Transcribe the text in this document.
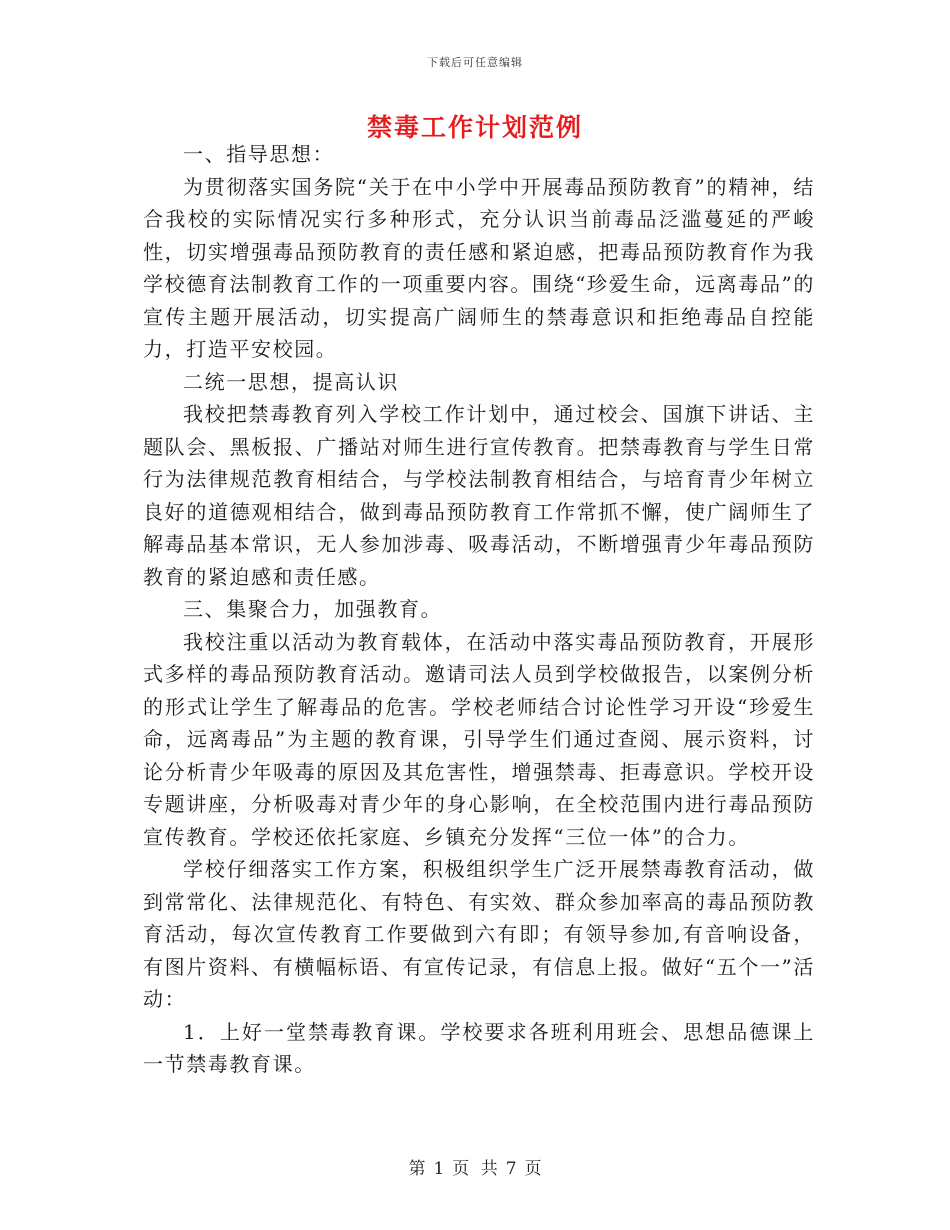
下载后可任意编辑
禁毒工作计划范例

一、指导思想：

为贯彻落实国务院“关于在中小学中开展毒品预防教育”的精神，结合我校的实际情况实行多种形式，充分认识当前毒品泛滥蔓延的严峻性，切实增强毒品预防教育的责任感和紧迫感，把毒品预防教育作为我学校德育法制教育工作的一项重要内容。围绕“珍爱生命，远离毒品”的宣传主题开展活动，切实提高广阔师生的禁毒意识和拒绝毒品自控能力，打造平安校园。

二统一思想，提高认识

我校把禁毒教育列入学校工作计划中，通过校会、国旗下讲话、主题队会、黑板报、广播站对师生进行宣传教育。把禁毒教育与学生日常行为法律规范教育相结合，与学校法制教育相结合，与培育青少年树立良好的道德观相结合，做到毒品预防教育工作常抓不懈，使广阔师生了解毒品基本常识，无人参加涉毒、吸毒活动，不断增强青少年毒品预防教育的紧迫感和责任感。

三、集聚合力，加强教育。

我校注重以活动为教育载体，在活动中落实毒品预防教育，开展形式多样的毒品预防教育活动。邀请司法人员到学校做报告，以案例分析的形式让学生了解毒品的危害。学校老师结合讨论性学习开设“珍爱生命，远离毒品”为主题的教育课，引导学生们通过查阅、展示资料，讨论分析青少年吸毒的原因及其危害性，增强禁毒、拒毒意识。学校开设专题讲座，分析吸毒对青少年的身心影响，在全校范围内进行毒品预防宣传教育。学校还依托家庭、乡镇充分发挥“三位一体”的合力。

学校仔细落实工作方案，积极组织学生广泛开展禁毒教育活动，做到常常化、法律规范化、有特色、有实效、群众参加率高的毒品预防教育活动，每次宣传教育工作要做到六有即；有领导参加,有音响设备，有图片资料、有横幅标语、有宣传记录，有信息上报。做好“五个一”活动：

1．上好一堂禁毒教育课。学校要求各班利用班会、思想品德课上一节禁毒教育课。

第 1 页 共 7 页
